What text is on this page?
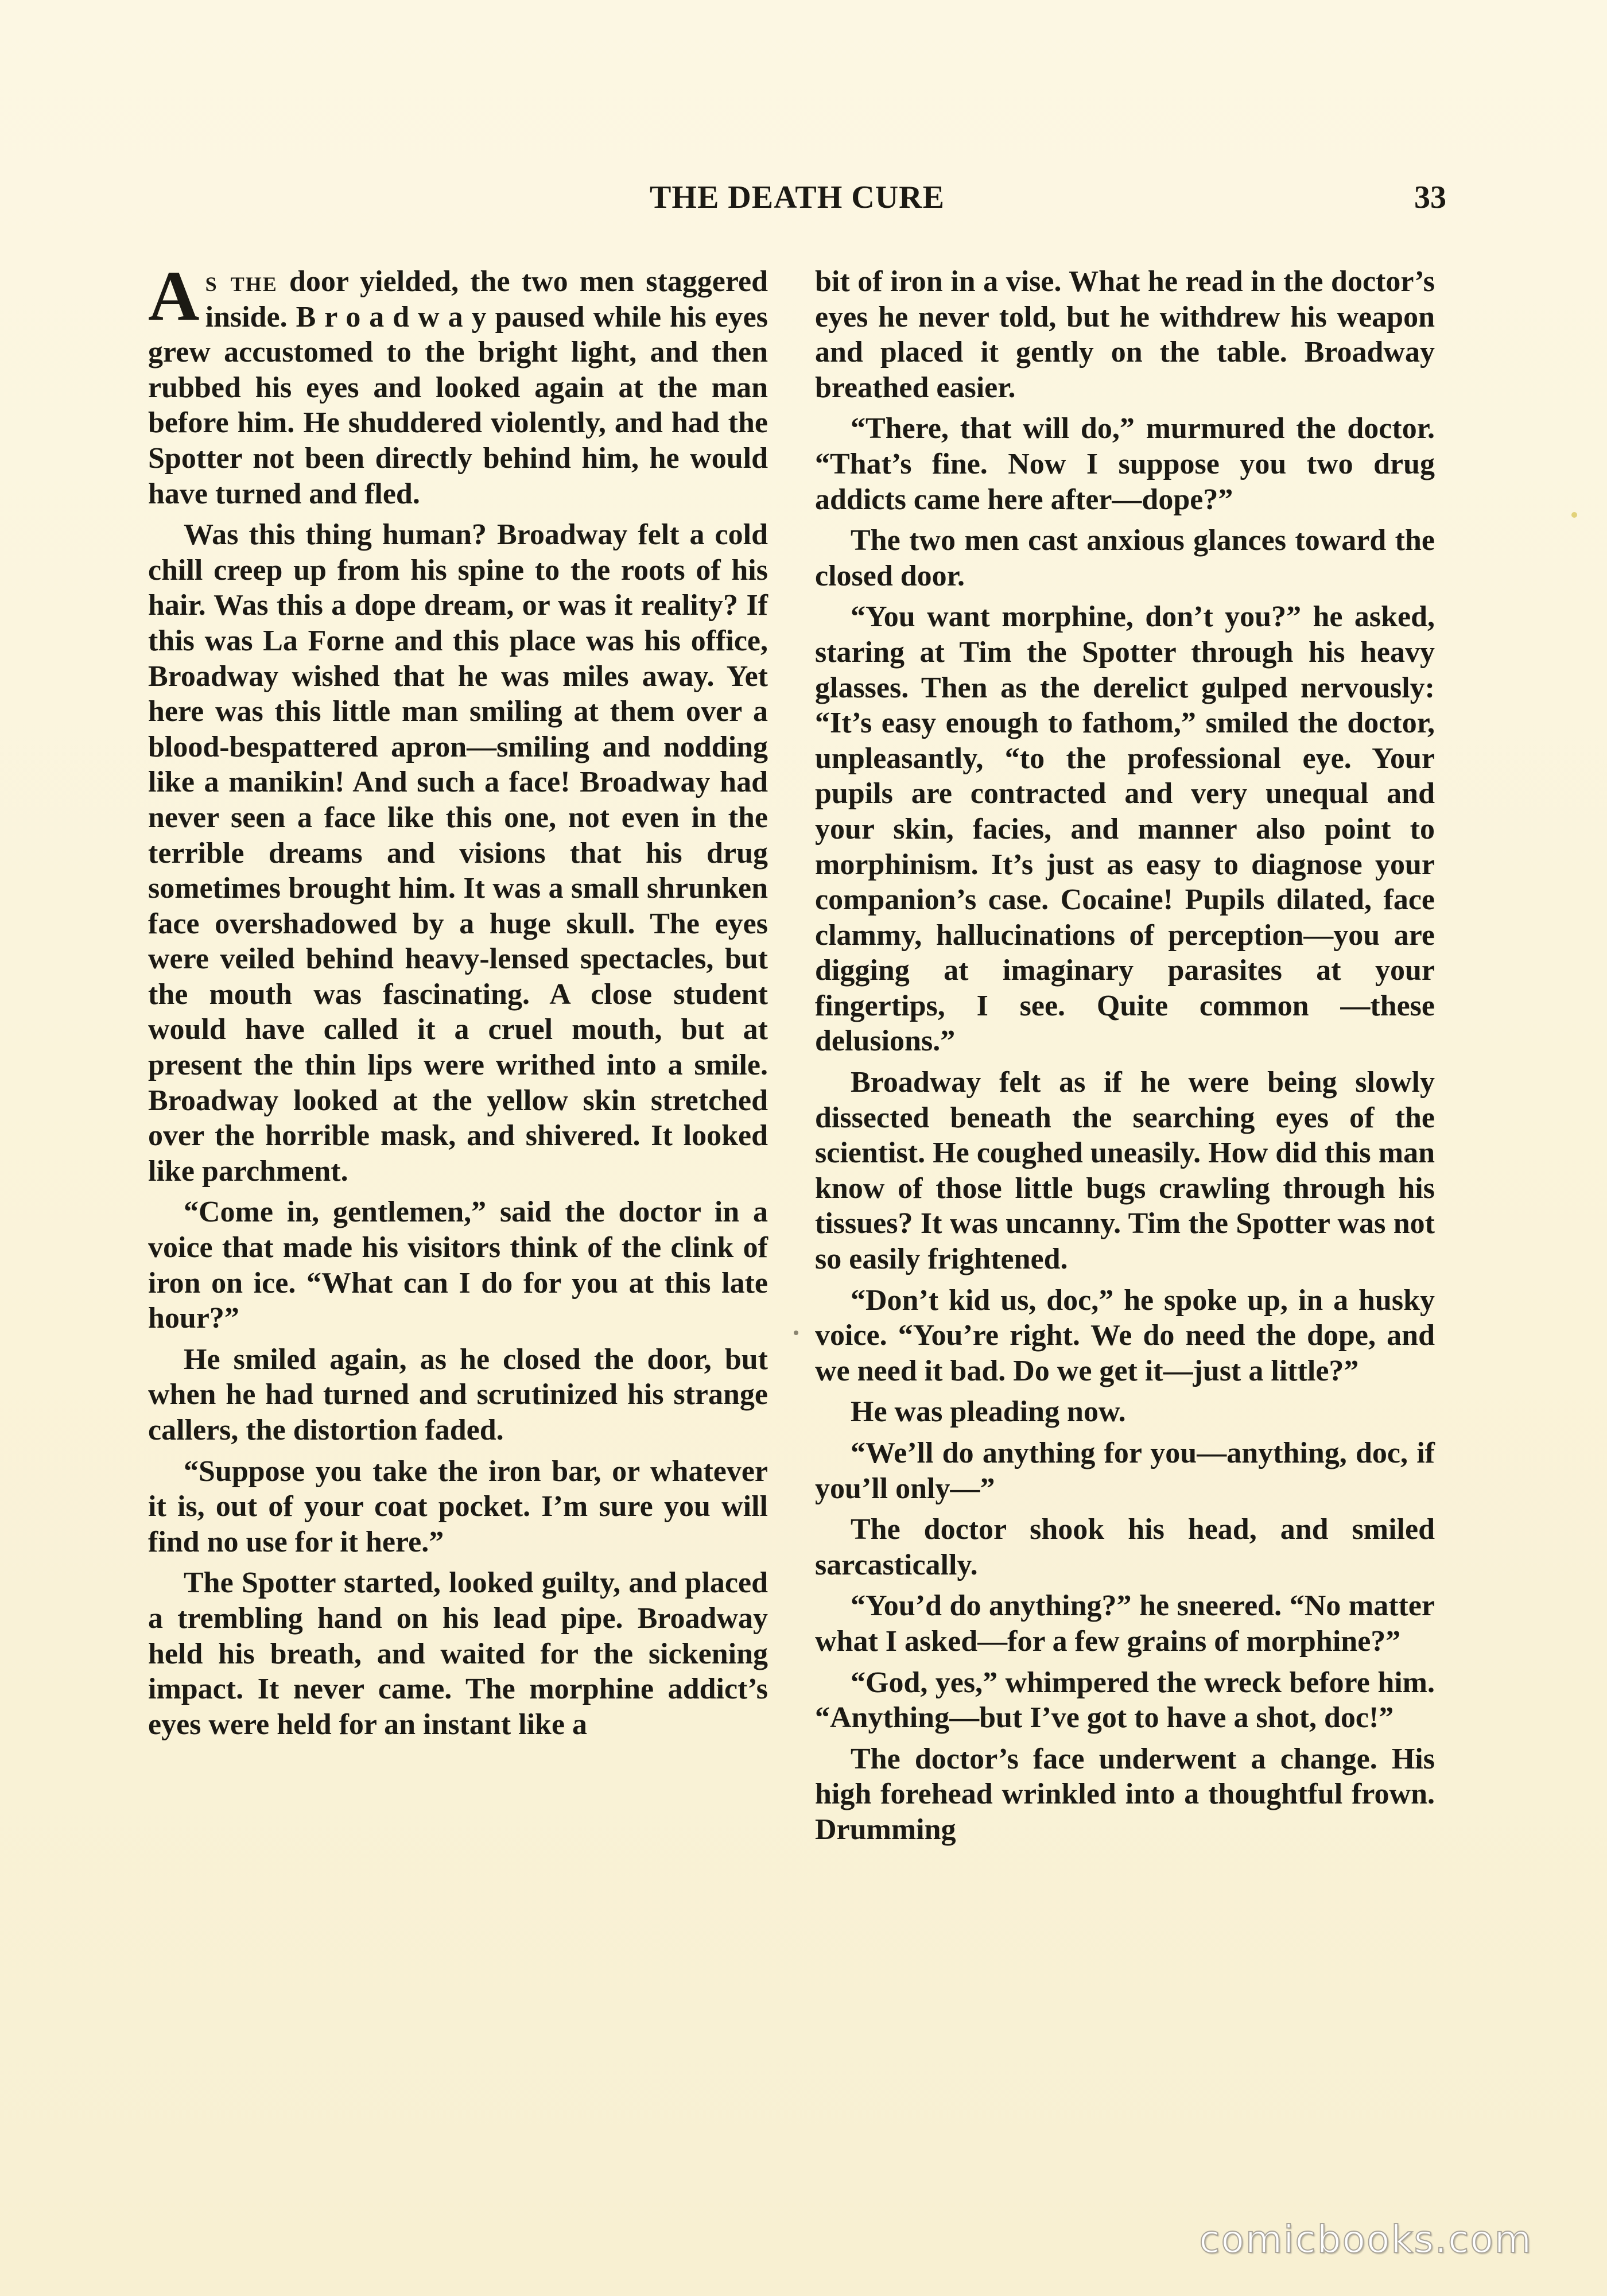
THE DEATH CURE	33

As the door yielded, the two men staggered inside. B r o a d w a y paused while his eyes grew accustomed to the bright light, and then rubbed his eyes and looked again at the man before him. He shuddered violently, and had the Spotter not been directly behind him, he would have turned and fled.

Was this thing human? Broadway felt a cold chill creep up from his spine to the roots of his hair. Was this a dope dream, or was it reality? If this was La Forne and this place was his office, Broadway wished that he was miles away. Yet here was this little man smiling at them over a blood-bespattered apron—smiling and nodding like a manikin! And such a face! Broadway had never seen a face like this one, not even in the terrible dreams and visions that his drug sometimes brought him. It was a small shrunken face overshadowed by a huge skull. The eyes were veiled behind heavy-lensed spectacles, but the mouth was fascinating. A close student would have called it a cruel mouth, but at present the thin lips were writhed into a smile. Broadway looked at the yellow skin stretched over the horrible mask, and shivered. It looked like parchment.

“Come in, gentlemen,” said the doctor in a voice that made his visitors think of the clink of iron on ice. “What can I do for you at this late hour?”

He smiled again, as he closed the door, but when he had turned and scrutinized his strange callers, the distortion faded.

“Suppose you take the iron bar, or whatever it is, out of your coat pocket. I’m sure you will find no use for it here.”

The Spotter started, looked guilty, and placed a trembling hand on his lead pipe. Broadway held his breath, and waited for the sickening impact. It never came. The morphine addict’s eyes were held for an instant like a

bit of iron in a vise. What he read in the doctor’s eyes he never told, but he withdrew his weapon and placed it gently on the table. Broadway breathed easier.

“There, that will do,” murmured the doctor. “That’s fine. Now I suppose you two drug addicts came here after—dope?”

The two men cast anxious glances toward the closed door.

“You want morphine, don’t you?” he asked, staring at Tim the Spotter through his heavy glasses. Then as the derelict gulped nervously: “It’s easy enough to fathom,” smiled the doctor, unpleasantly, “to the professional eye. Your pupils are contracted and very unequal and your skin, facies, and manner also point to morphinism. It’s just as easy to diagnose your companion’s case. Cocaine! Pupils dilated, face clammy, hallucinations of perception—you are digging at imaginary parasites at your fingertips, I see. Quite common —these delusions.”

Broadway felt as if he were being slowly dissected beneath the searching eyes of the scientist. He coughed uneasily. How did this man know of those little bugs crawling through his tissues? It was uncanny. Tim the Spotter was not so easily frightened.

“Don’t kid us, doc,” he spoke up, in a husky voice. “You’re right. We do need the dope, and we need it bad. Do we get it—just a little?”

He was pleading now.

“We’ll do anything for you—anything, doc, if you’ll only—”

The doctor shook his head, and smiled sarcastically.

“You’d do anything?” he sneered. “No matter what I asked—for a few grains of morphine?”

“God, yes,” whimpered the wreck before him. “Anything—but I’ve got to have a shot, doc!”

The doctor’s face underwent a change. His high forehead wrinkled into a thoughtful frown. Drumming

comicbooks.com
